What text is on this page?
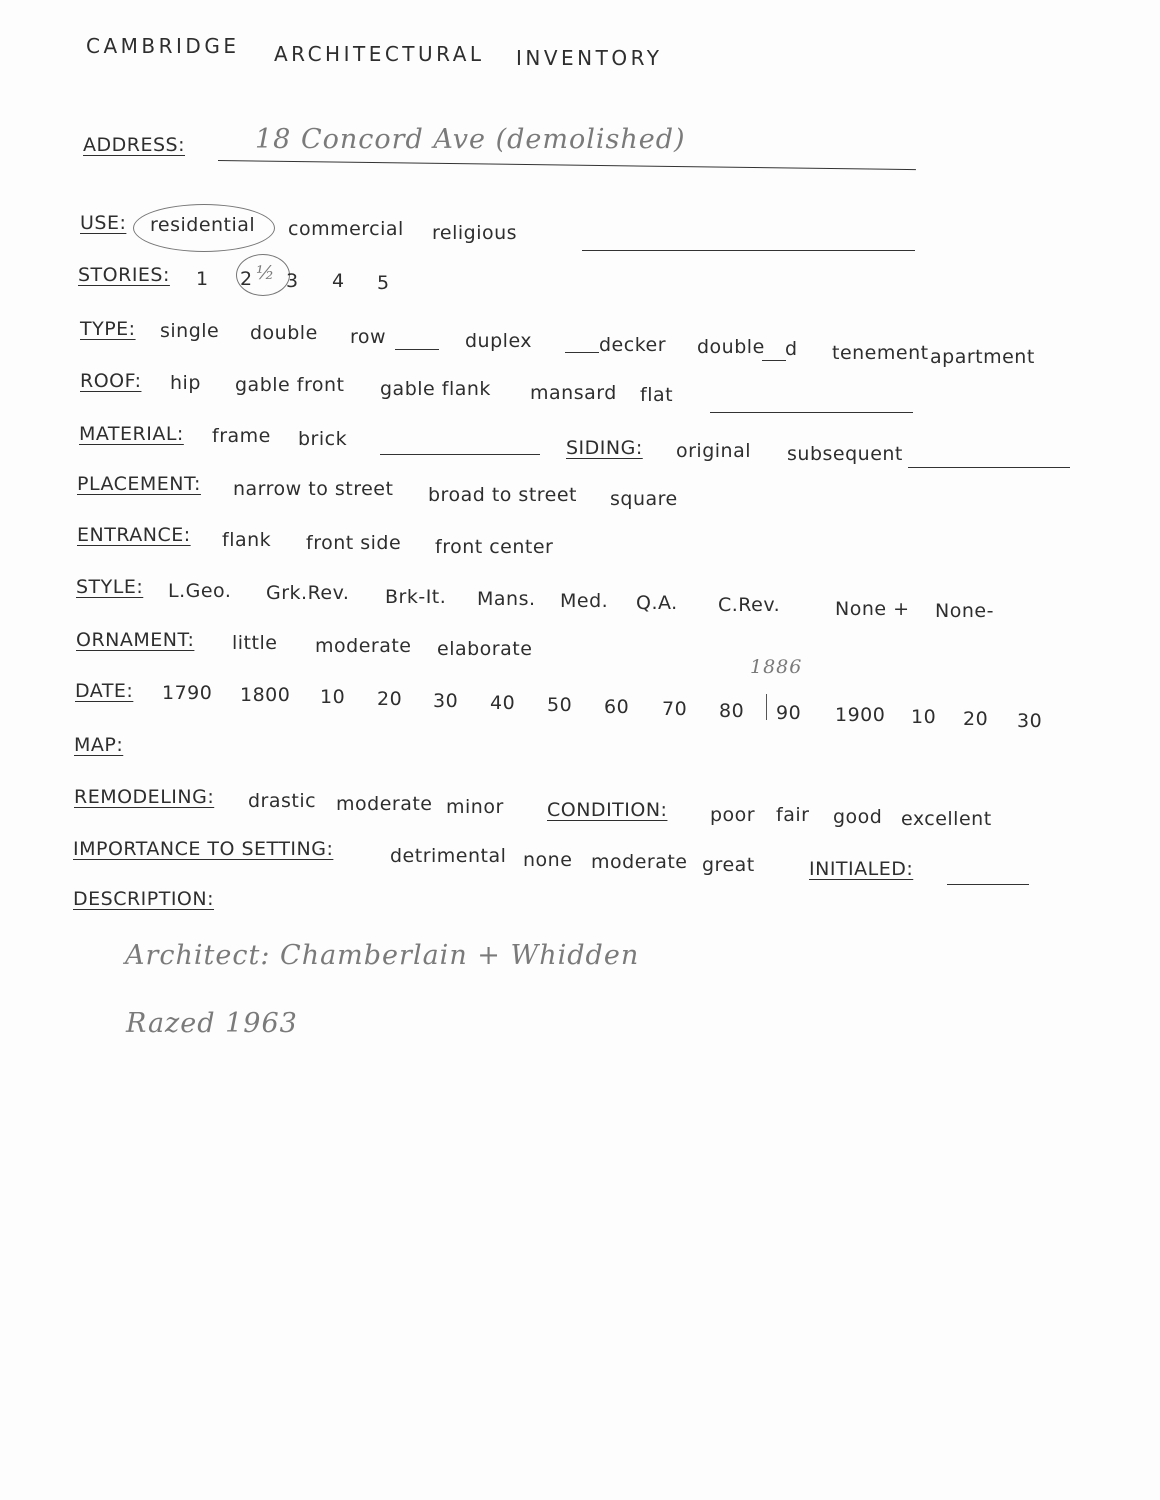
CAMBRIDGE ARCHITECTURAL INVENTORY
ADDRESS:	18 Concord Ave (demolished)
USE: residential commercial religious
STORIES: 1 2 ½ 3 4 5
TYPE: single double row	duplex	decker double d tenement apartment
ROOF: hip gable front gable flank mansard flat
MATERIAL: frame brick	SIDING: original subsequent
PLACEMENT: narrow to street broad to street square
ENTRANCE: flank front side front center
STYLE: L.Geo. Grk.Rev. Brk-It. Mans. Med. Q.A. C.Rev.	None + None-
ORNAMENT: little moderate elaborate
1886
DATE: 1790 1800 10 20 30 40 50 60 70 80 90 1900 10 20 30
MAP:
REMODELING: drastic moderate minor CONDITION: poor fair good excellent
IMPORTANCE TO SETTING:	detrimental none moderate great	INITIALED:
DESCRIPTION:
Architect: Chamberlain + Whidden
Razed 1963
